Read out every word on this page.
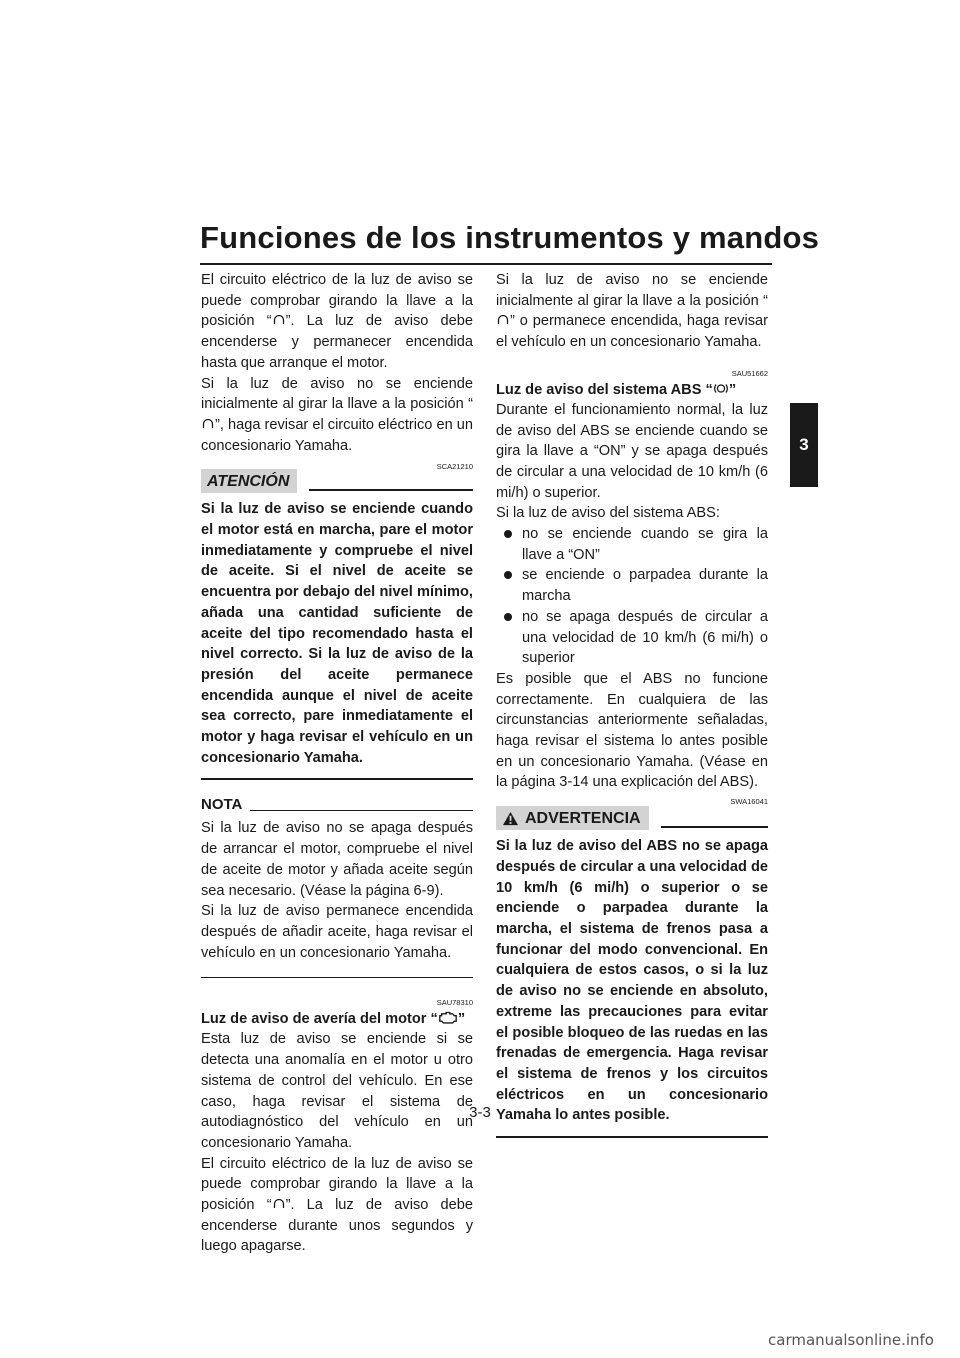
Funciones de los instrumentos y mandos
3

El circuito eléctrico de la luz de aviso se puede comprobar girando la llave a la posición “ ”. La luz de aviso debe encenderse y permanecer encendida hasta que arranque el motor.

Si la luz de aviso no se enciende inicialmente al girar la llave a la posición “”, haga revisar el circuito eléctrico en un concesionario Yamaha.

SCA21210
ATENCIÓN

Si la luz de aviso se enciende cuando el motor está en marcha, pare el motor inmediatamente y compruebe el nivel de aceite. Si el nivel de aceite se encuentra por debajo del nivel mínimo, añada una cantidad suficiente de aceite del tipo recomendado hasta el nivel correcto. Si la luz de aviso de la presión del aceite permanece encendida aunque el nivel de aceite sea correcto, pare inmediatamente el motor y haga revisar el vehículo en un concesionario Yamaha.

NOTA

Si la luz de aviso no se apaga después de arrancar el motor, compruebe el nivel de aceite de motor y añada aceite según sea necesario. (Véase la página 6-9).

Si la luz de aviso permanece encendida después de añadir aceite, haga revisar el vehículo en un concesionario Yamaha.

SAU78310

Luz de aviso de avería del motor “ ”

Esta luz de aviso se enciende si se detecta una anomalía en el motor u otro sistema de control del vehículo. En ese caso, haga revisar el sistema de autodiagnóstico del vehículo en un concesionario Yamaha.

El circuito eléctrico de la luz de aviso se puede comprobar girando la llave a la posición “ ”. La luz de aviso debe encenderse durante unos segundos y luego apagarse.

Si la luz de aviso no se enciende inicialmente al girar la llave a la posición “” o permanece encendida, haga revisar el vehículo en un concesionario Yamaha.

SAU51662

Luz de aviso del sistema ABS “ ”

Durante el funcionamiento normal, la luz de aviso del ABS se enciende cuando se gira la llave a “ON” y se apaga después de circular a una velocidad de 10 km/h (6 mi/h) o superior.

Si la luz de aviso del sistema ABS:

no se enciende cuando se gira la llave a “ON”
se enciende o parpadea durante la marcha
no se apaga después de circular a una velocidad de 10 km/h (6 mi/h) o superior

Es posible que el ABS no funcione correctamente. En cualquiera de las circunstancias anteriormente señaladas, haga revisar el sistema lo antes posible en un concesionario Yamaha. (Véase en la página 3-14 una explicación del ABS).

SWA16041
ADVERTENCIA

Si la luz de aviso del ABS no se apaga después de circular a una velocidad de 10 km/h (6 mi/h) o superior o se enciende o parpadea durante la marcha, el sistema de frenos pasa a funcionar del modo convencional. En cualquiera de estos casos, o si la luz de aviso no se enciende en absoluto, extreme las precauciones para evitar el posible bloqueo de las ruedas en las frenadas de emergencia. Haga revisar el sistema de frenos y los circuitos eléctricos en un concesionario Yamaha lo antes posible.

3-3
carmanualsonline.info
